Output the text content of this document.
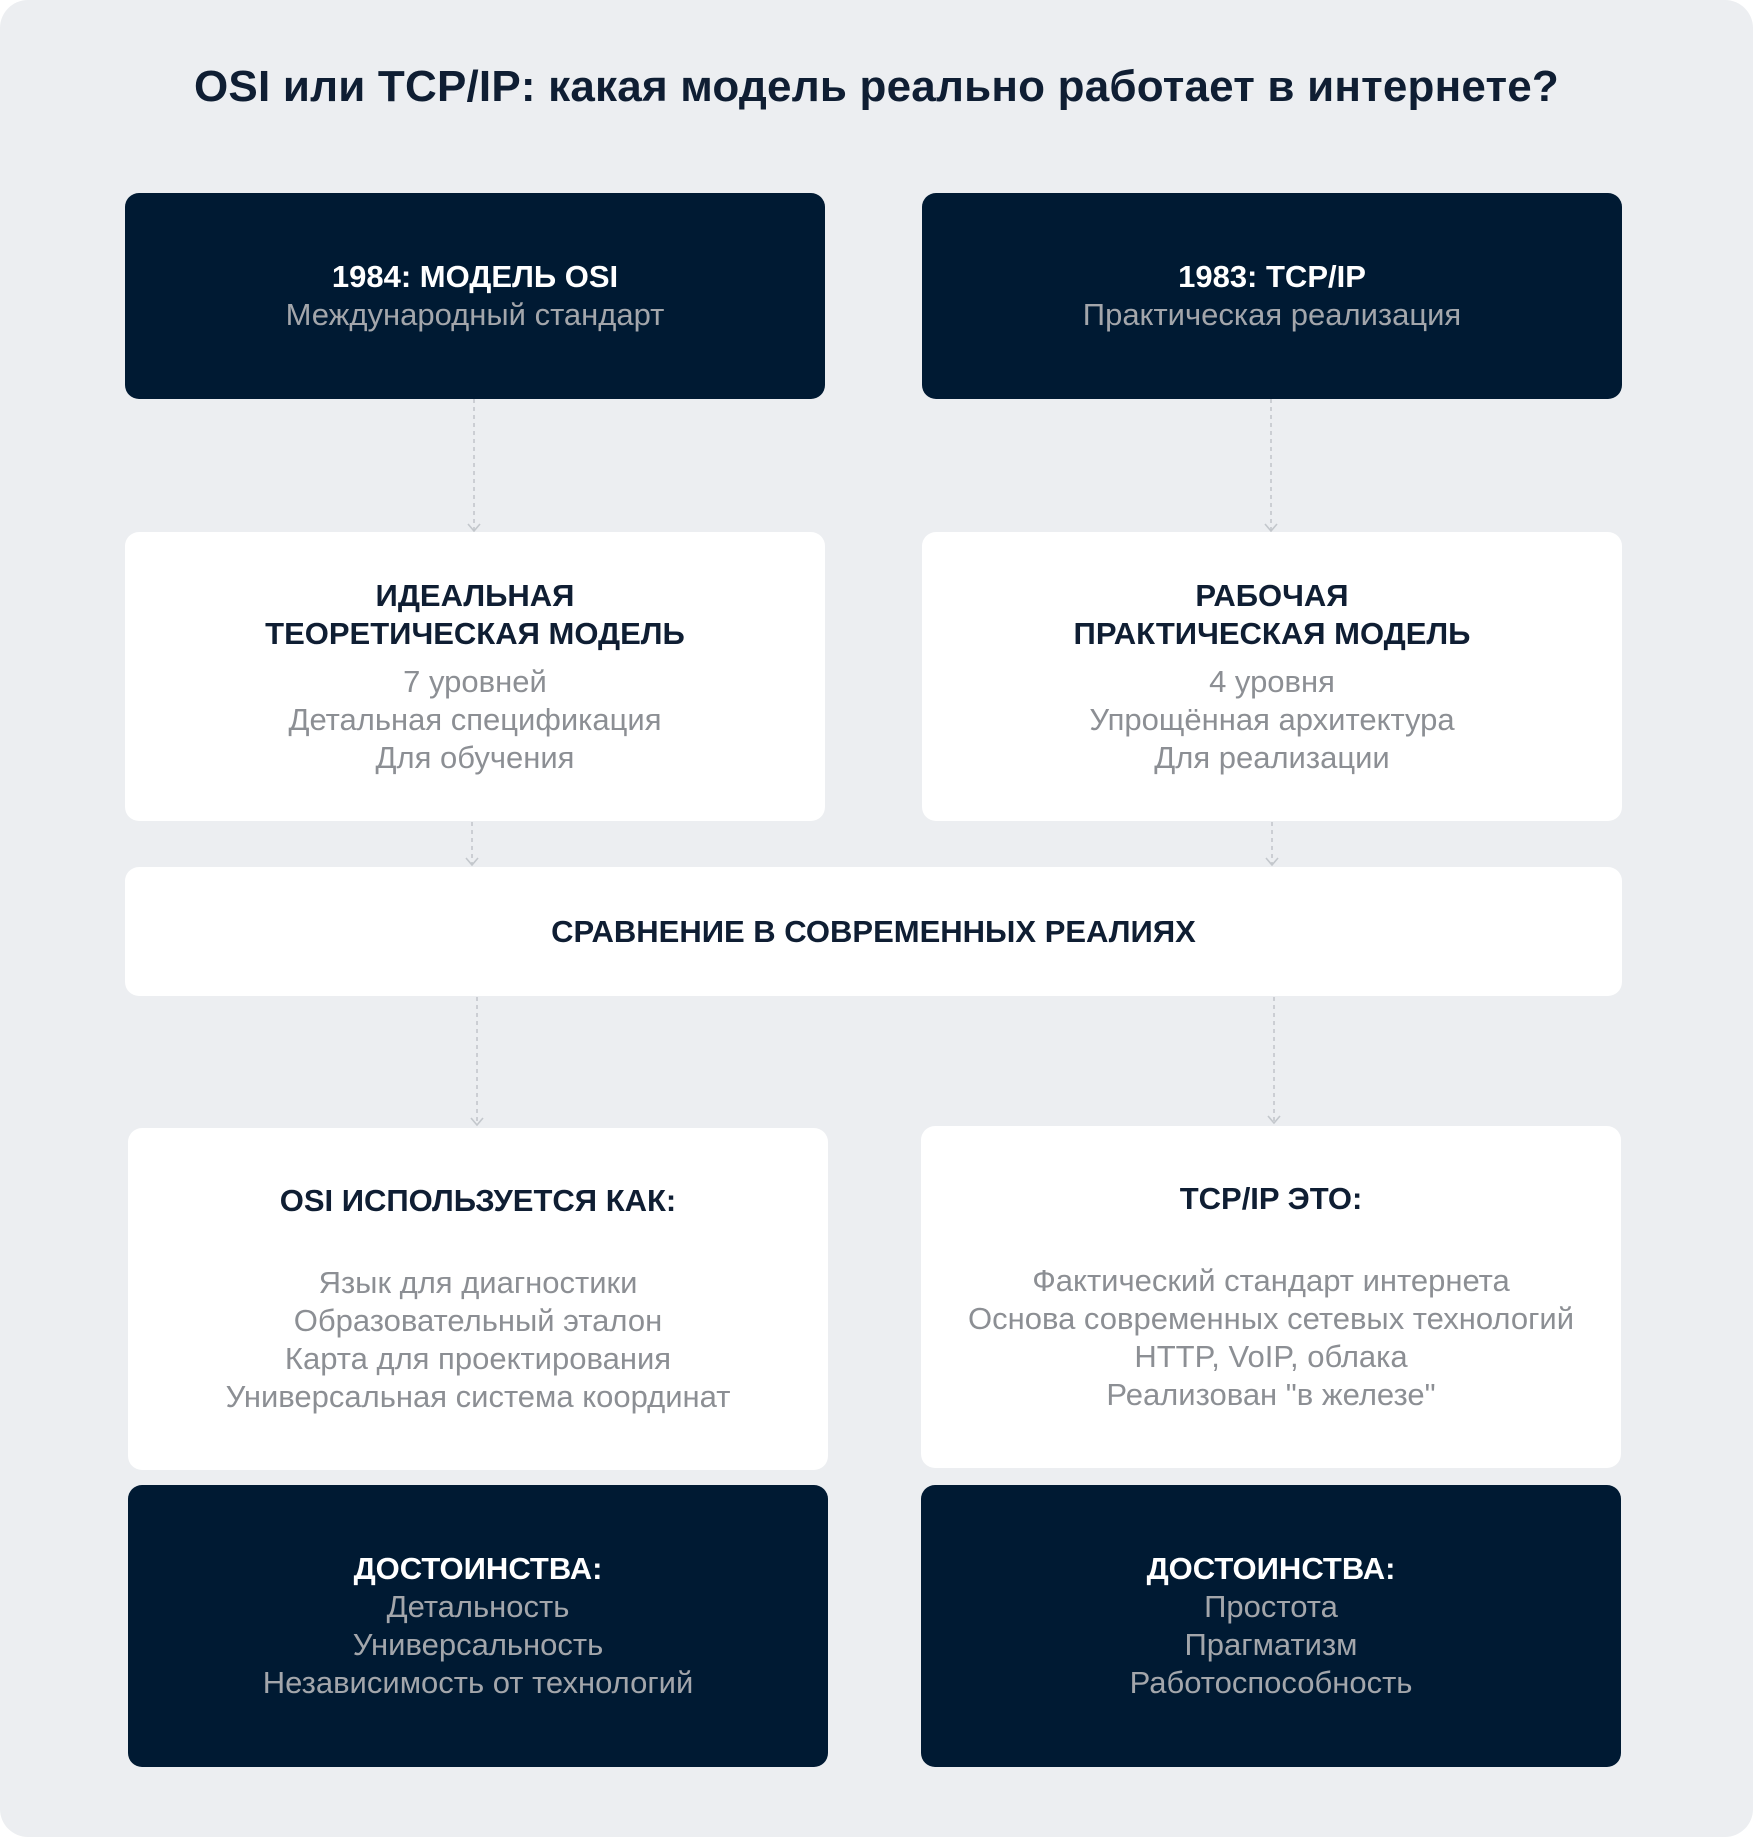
OSI или TCP/IP: какая модель реально работает в интернете?
1984: МОДЕЛЬ OSI
Международный стандарт
1983: TCP/IP
Практическая реализация
ИДЕАЛЬНАЯ
ТЕОРЕТИЧЕСКАЯ МОДЕЛЬ
7 уровней
Детальная спецификация
Для обучения
РАБОЧАЯ
ПРАКТИЧЕСКАЯ МОДЕЛЬ
4 уровня
Упрощённая архитектура
Для реализации
СРАВНЕНИЕ В СОВРЕМЕННЫХ РЕАЛИЯХ
OSI ИСПОЛЬЗУЕТСЯ КАК:
Язык для диагностики
Образовательный эталон
Карта для проектирования
Универсальная система координат
TCP/IP ЭТО:
Фактический стандарт интернета
Основа современных сетевых технологий
HTTP, VoIP, облака
Реализован "в железе"
ДОСТОИНСТВА:
Детальность
Универсальность
Независимость от технологий
ДОСТОИНСТВА:
Простота
Прагматизм
Работоспособность
